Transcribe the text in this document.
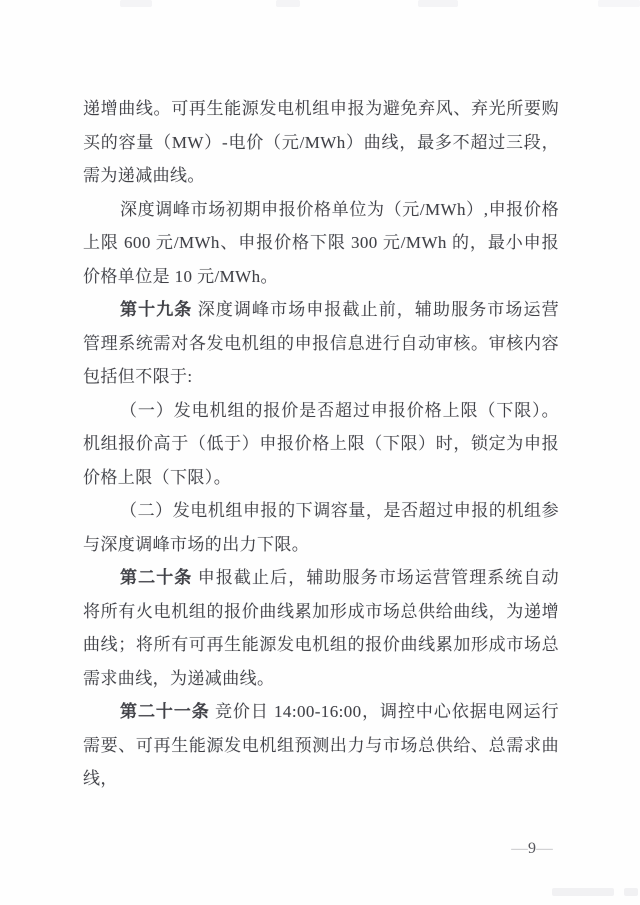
递增曲线。可再生能源发电机组申报为避免弃风、弃光所要购买的容量（MW）-电价（元/MWh）曲线，最多不超过三段，需为递减曲线。

深度调峰市场初期申报价格单位为（元/MWh）,申报价格上限 600 元/MWh、申报价格下限 300 元/MWh 的，最小申报价格单位是 10 元/MWh。

第十九条 深度调峰市场申报截止前，辅助服务市场运营管理系统需对各发电机组的申报信息进行自动审核。审核内容包括但不限于:

（一）发电机组的报价是否超过申报价格上限（下限）。机组报价高于（低于）申报价格上限（下限）时，锁定为申报价格上限（下限）。

（二）发电机组申报的下调容量，是否超过申报的机组参与深度调峰市场的出力下限。

第二十条 申报截止后，辅助服务市场运营管理系统自动将所有火电机组的报价曲线累加形成市场总供给曲线，为递增曲线；将所有可再生能源发电机组的报价曲线累加形成市场总需求曲线，为递减曲线。

第二十一条 竞价日 14:00-16:00，调控中心依据电网运行需要、可再生能源发电机组预测出力与市场总供给、总需求曲线，

— 9 —
